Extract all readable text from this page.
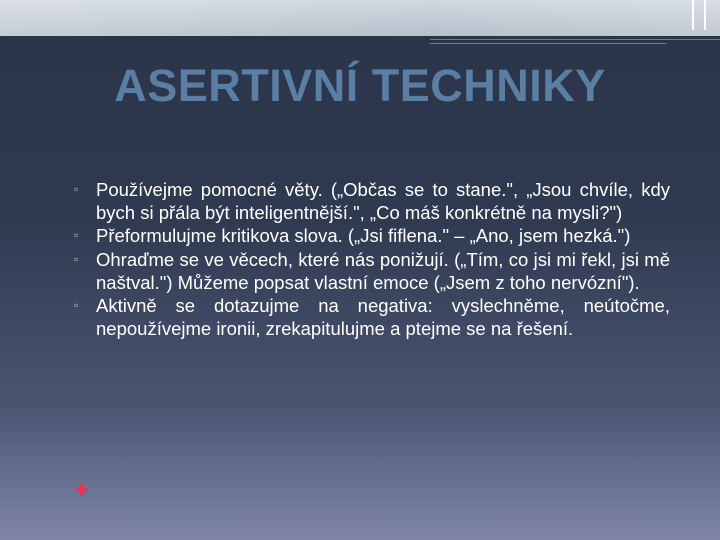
ASERTIVNÍ TECHNIKY
▫ Používejme pomocné věty. („Občas se to stane.", „Jsou chvíle, kdy bych si přála být inteligentnější.", „Co máš konkrétně na mysli?")
▫ Přeformulujme kritikova slova. („Jsi fiflena." – „Ano, jsem hezká.")
▫ Ohraďme se ve věcech, které nás ponižují. („Tím, co jsi mi řekl, jsi mě naštval.") Můžeme popsat vlastní emoce („Jsem z toho nervózní").
▫ Aktivně se dotazujme na negativa: vyslechněme, neútočme, nepoužívejme ironii, zrekapitulujme a ptejme se na řešení.
